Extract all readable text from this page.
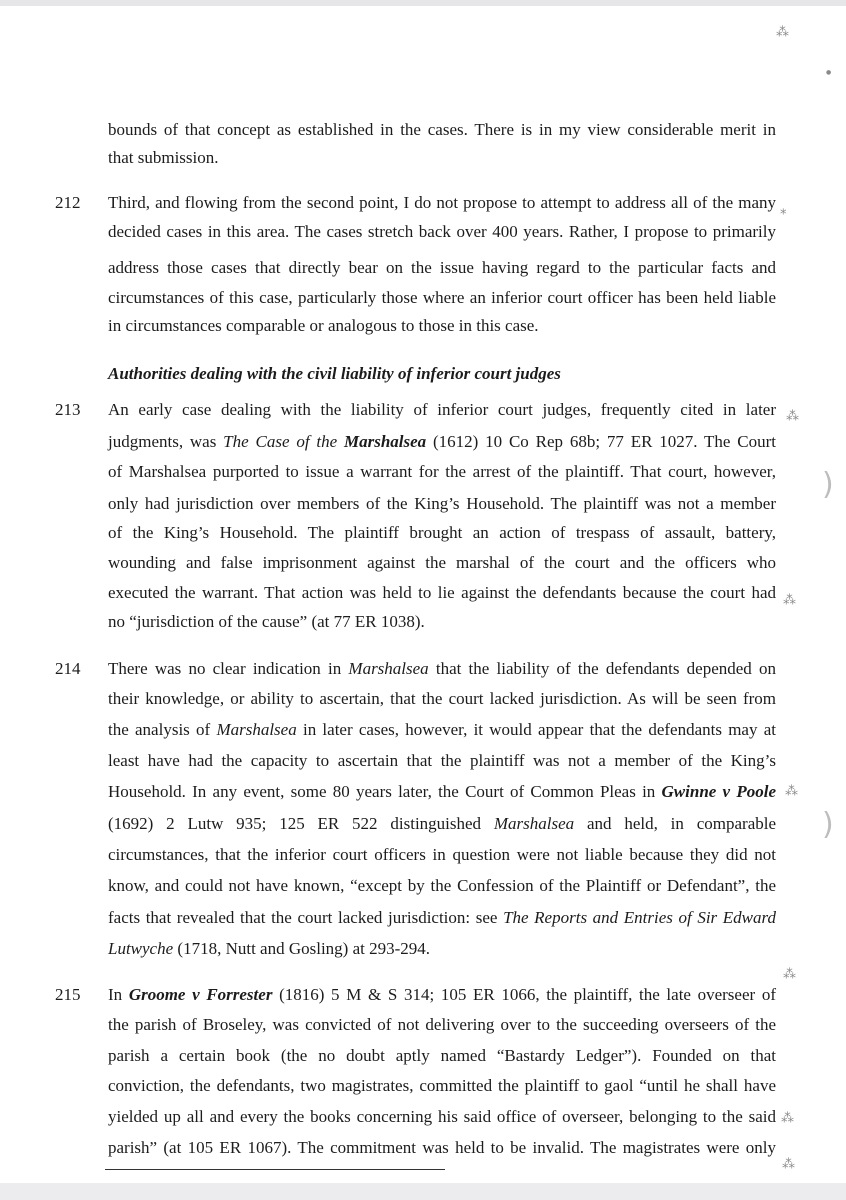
bounds of that concept as established in the cases. There is in my view considerable merit in
that submission.
212 Third, and flowing from the second point, I do not propose to attempt to address all of the many
decided cases in this area. The cases stretch back over 400 years. Rather, I propose to primarily
address those cases that directly bear on the issue having regard to the particular facts and
circumstances of this case, particularly those where an inferior court officer has been held liable
in circumstances comparable or analogous to those in this case.
Authorities dealing with the civil liability of inferior court judges
213 An early case dealing with the liability of inferior court judges, frequently cited in later
judgments, was The Case of the Marshalsea (1612) 10 Co Rep 68b; 77 ER 1027. The Court
of Marshalsea purported to issue a warrant for the arrest of the plaintiff. That court, however,
only had jurisdiction over members of the King’s Household. The plaintiff was not a member
of the King’s Household. The plaintiff brought an action of trespass of assault, battery,
wounding and false imprisonment against the marshal of the court and the officers who
executed the warrant. That action was held to lie against the defendants because the court had
no “jurisdiction of the cause” (at 77 ER 1038).
214 There was no clear indication in Marshalsea that the liability of the defendants depended on
their knowledge, or ability to ascertain, that the court lacked jurisdiction. As will be seen from
the analysis of Marshalsea in later cases, however, it would appear that the defendants may at
least have had the capacity to ascertain that the plaintiff was not a member of the King’s
Household. In any event, some 80 years later, the Court of Common Pleas in Gwinne v Poole
(1692) 2 Lutw 935; 125 ER 522 distinguished Marshalsea and held, in comparable
circumstances, that the inferior court officers in question were not liable because they did not
know, and could not have known, “except by the Confession of the Plaintiff or Defendant”, the
facts that revealed that the court lacked jurisdiction: see The Reports and Entries of Sir Edward
Lutwyche (1718, Nutt and Gosling) at 293-294.
215 In Groome v Forrester (1816) 5 M & S 314; 105 ER 1066, the plaintiff, the late overseer of
the parish of Broseley, was convicted of not delivering over to the succeeding overseers of the
parish a certain book (the no doubt aptly named “Bastardy Ledger”). Founded on that
conviction, the defendants, two magistrates, committed the plaintiff to gaol “until he shall have
yielded up all and every the books concerning his said office of overseer, belonging to the said
parish” (at 105 ER 1067). The commitment was held to be invalid. The magistrates were only
⁂
●
⁎
⁂
⁂
⁂
⁂
⁂
⁂
)
)
